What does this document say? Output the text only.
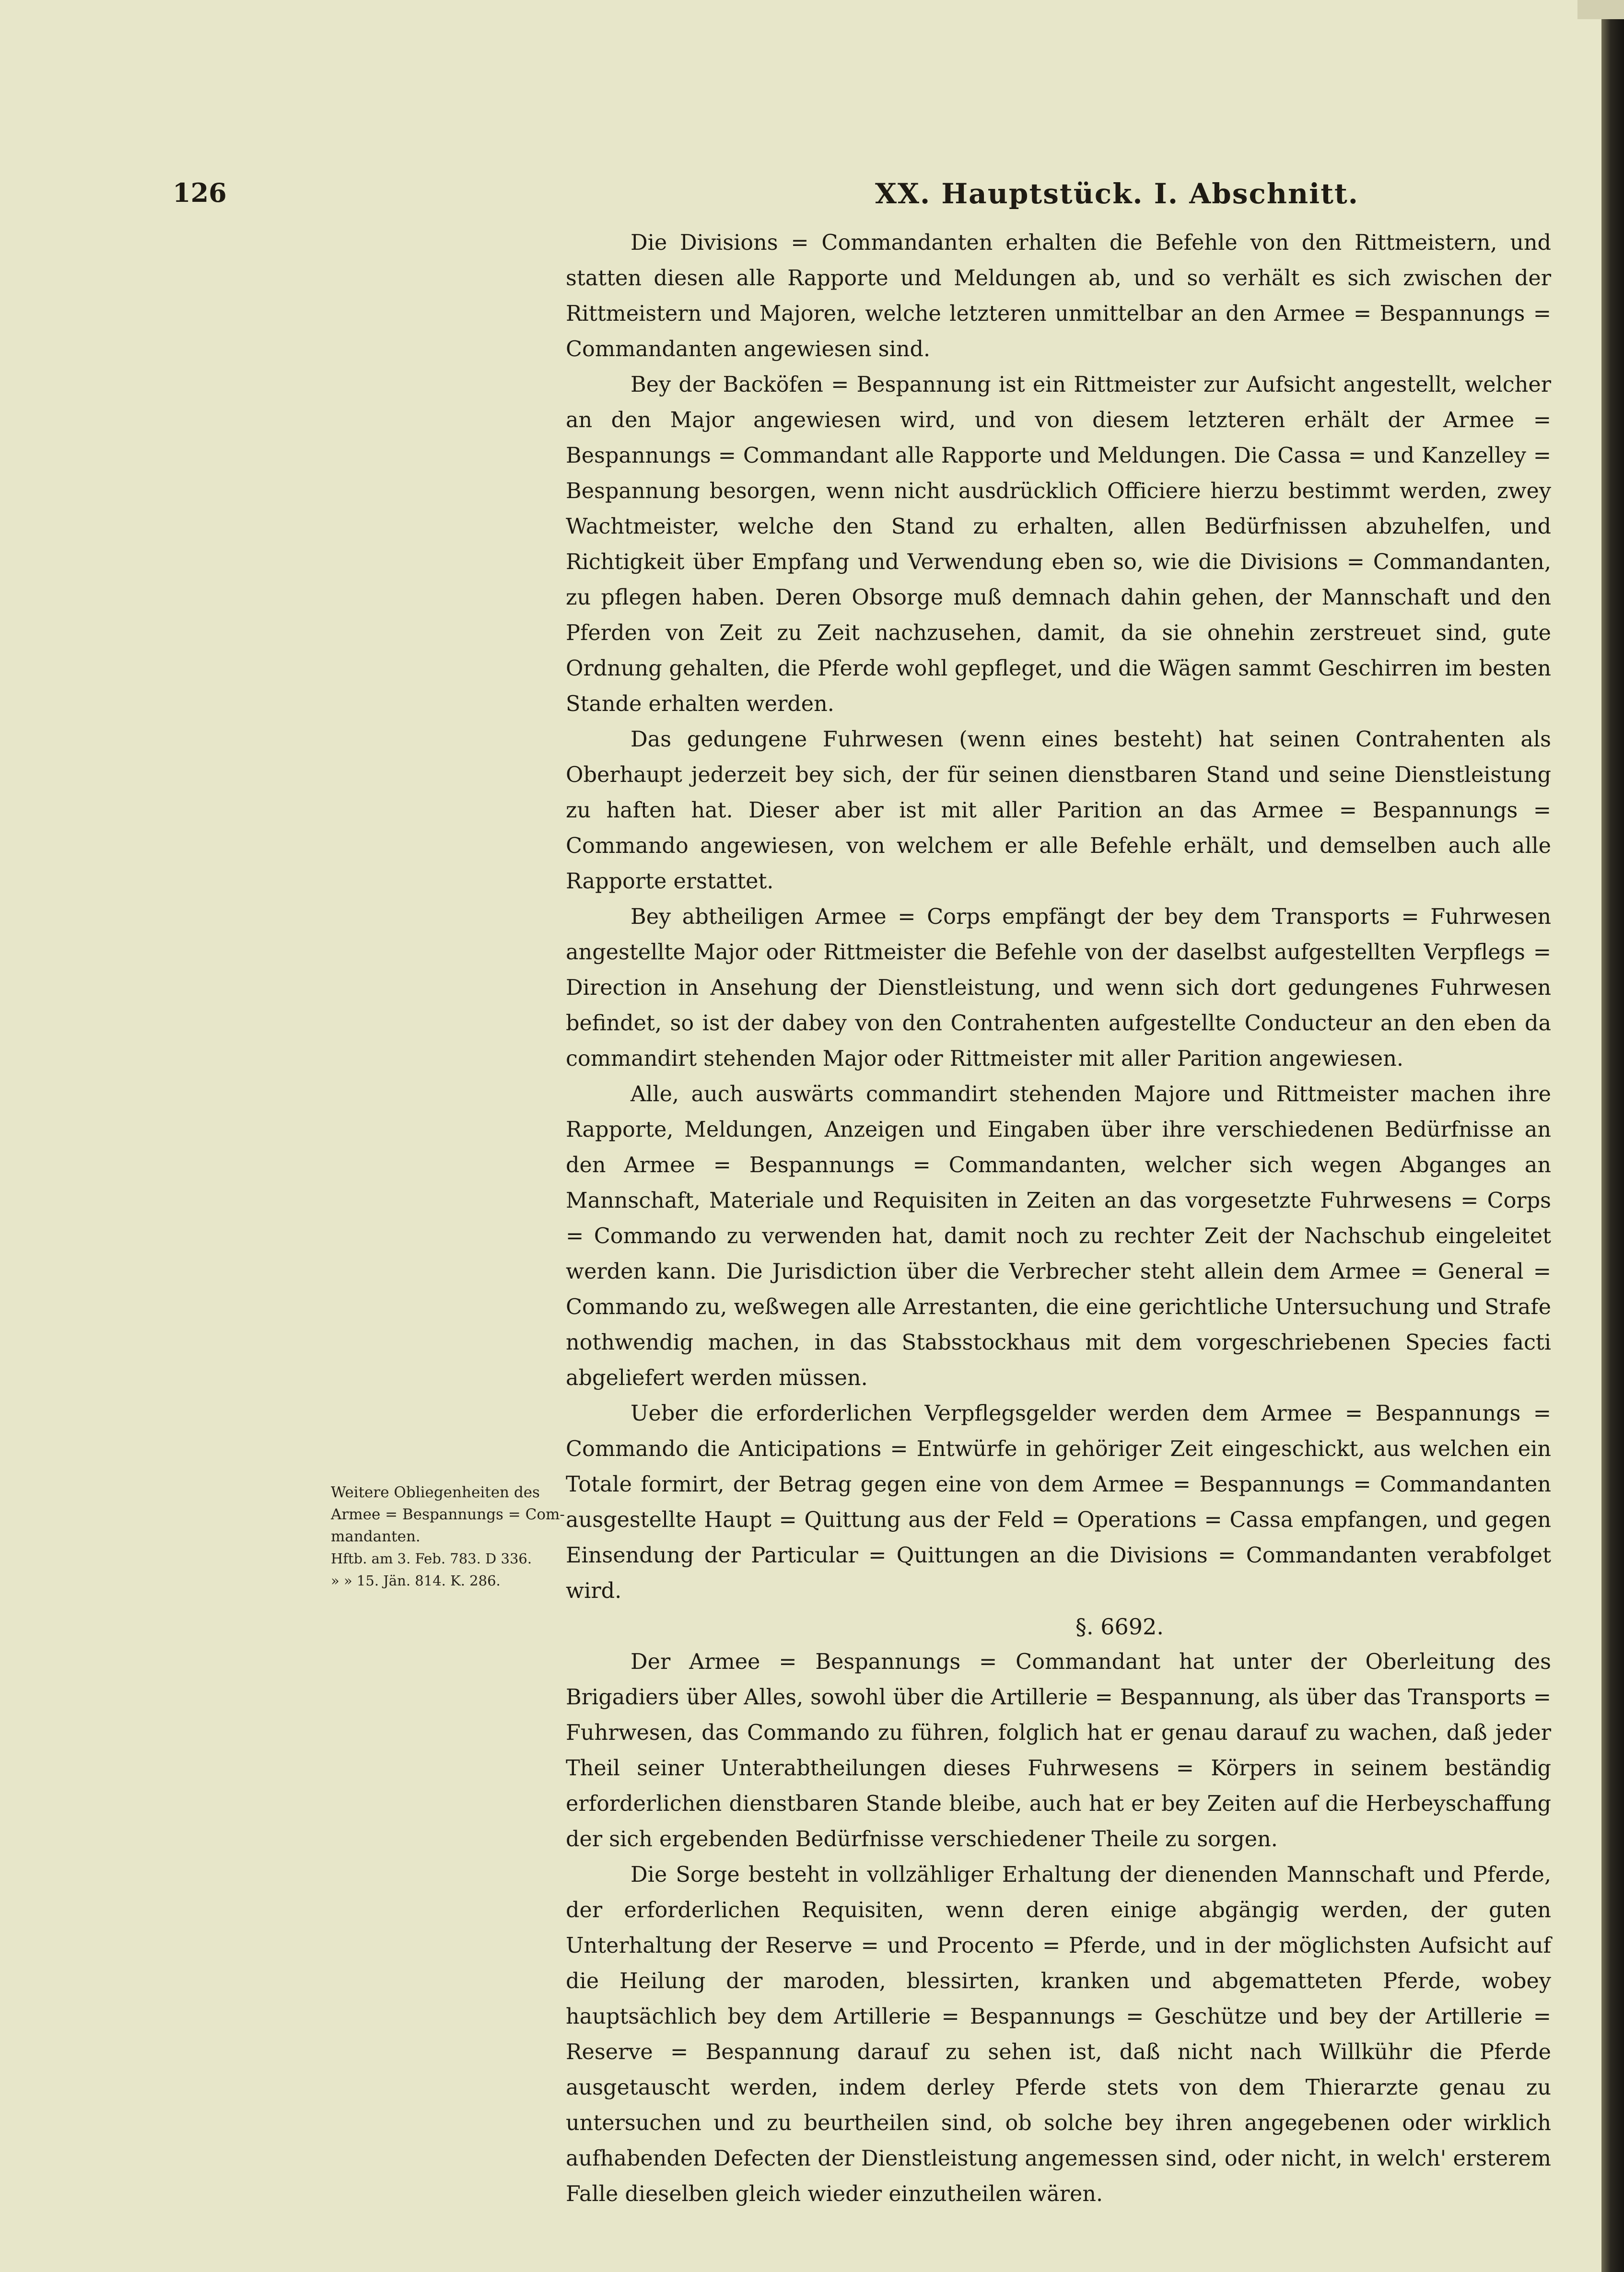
126	XX. Hauptstück. I. Abschnitt.

Die Divisions = Commandanten erhalten die Befehle von den Rittmeistern, und statten diesen alle Rapporte und Meldungen ab, und so verhält es sich zwischen der Rittmeistern und Majoren, welche letzteren unmittelbar an den Armee = Bespannungs = Commandanten angewiesen sind.

Bey der Backöfen = Bespannung ist ein Rittmeister zur Aufsicht angestellt, welcher an den Major angewiesen wird, und von diesem letzteren erhält der Armee = Bespannungs = Commandant alle Rapporte und Meldungen. Die Cassa = und Kanzelley = Bespannung besorgen, wenn nicht ausdrücklich Officiere hierzu bestimmt werden, zwey Wachtmeister, welche den Stand zu erhalten, allen Bedürfnissen abzuhelfen, und Richtigkeit über Empfang und Verwendung eben so, wie die Divisions = Commandanten, zu pflegen haben. Deren Obsorge muß demnach dahin gehen, der Mannschaft und den Pferden von Zeit zu Zeit nachzusehen, damit, da sie ohnehin zerstreuet sind, gute Ordnung gehalten, die Pferde wohl gepfleget, und die Wägen sammt Geschirren im besten Stande erhalten werden.

Das gedungene Fuhrwesen (wenn eines besteht) hat seinen Contrahenten als Oberhaupt jederzeit bey sich, der für seinen dienstbaren Stand und seine Dienstleistung zu haften hat. Dieser aber ist mit aller Parition an das Armee = Bespannungs = Commando angewiesen, von welchem er alle Befehle erhält, und demselben auch alle Rapporte erstattet.

Bey abtheiligen Armee = Corps empfängt der bey dem Transports = Fuhrwesen angestellte Major oder Rittmeister die Befehle von der daselbst aufgestellten Verpflegs = Direction in Ansehung der Dienstleistung, und wenn sich dort gedungenes Fuhrwesen befindet, so ist der dabey von den Contrahenten aufgestellte Conducteur an den eben da commandirt stehenden Major oder Rittmeister mit aller Parition angewiesen.

Alle, auch auswärts commandirt stehenden Majore und Rittmeister machen ihre Rapporte, Meldungen, Anzeigen und Eingaben über ihre verschiedenen Bedürfnisse an den Armee = Bespannungs = Commandanten, welcher sich wegen Abganges an Mannschaft, Materiale und Requisiten in Zeiten an das vorgesetzte Fuhrwesens = Corps = Commando zu verwenden hat, damit noch zu rechter Zeit der Nachschub eingeleitet werden kann. Die Jurisdiction über die Verbrecher steht allein dem Armee = General = Commando zu, weßwegen alle Arrestanten, die eine gerichtliche Untersuchung und Strafe nothwendig machen, in das Stabsstockhaus mit dem vorgeschriebenen Species facti abgeliefert werden müssen.

Ueber die erforderlichen Verpflegsgelder werden dem Armee = Bespannungs = Commando die Anticipations = Entwürfe in gehöriger Zeit eingeschickt, aus welchen ein Totale formirt, der Betrag gegen eine von dem Armee = Bespannungs = Commandanten ausgestellte Haupt = Quittung aus der Feld = Operations = Cassa empfangen, und gegen Einsendung der Particular = Quittungen an die Divisions = Commandanten verabfolget wird.

§. 6692.

Der Armee = Bespannungs = Commandant hat unter der Oberleitung des Brigadiers über Alles, sowohl über die Artillerie = Bespannung, als über das Transports = Fuhrwesen, das Commando zu führen, folglich hat er genau darauf zu wachen, daß jeder Theil seiner Unterabtheilungen dieses Fuhrwesens = Körpers in seinem beständig erforderlichen dienstbaren Stande bleibe, auch hat er bey Zeiten auf die Herbeyschaffung der sich ergebenden Bedürfnisse verschiedener Theile zu sorgen.

Die Sorge besteht in vollzähliger Erhaltung der dienenden Mannschaft und Pferde, der erforderlichen Requisiten, wenn deren einige abgängig werden, der guten Unterhaltung der Reserve = und Procento = Pferde, und in der möglichsten Aufsicht auf die Heilung der maroden, blessirten, kranken und abgematteten Pferde, wobey hauptsächlich bey dem Artillerie = Bespannungs = Geschütze und bey der Artillerie = Reserve = Bespannung darauf zu sehen ist, daß nicht nach Willkühr die Pferde ausgetauscht werden, indem derley Pferde stets von dem Thierarzte genau zu untersuchen und zu beurtheilen sind, ob solche bey ihren angegebenen oder wirklich aufhabenden Defecten der Dienstleistung angemessen sind, oder nicht, in welch' ersterem Falle dieselben gleich wieder einzutheilen wären.

Weitere Obliegenheiten des
Armee = Bespannungs = Com-
mandanten.
Hftb. am 3. Feb. 783. D 336.
» » 15. Jän. 814. K. 286.
